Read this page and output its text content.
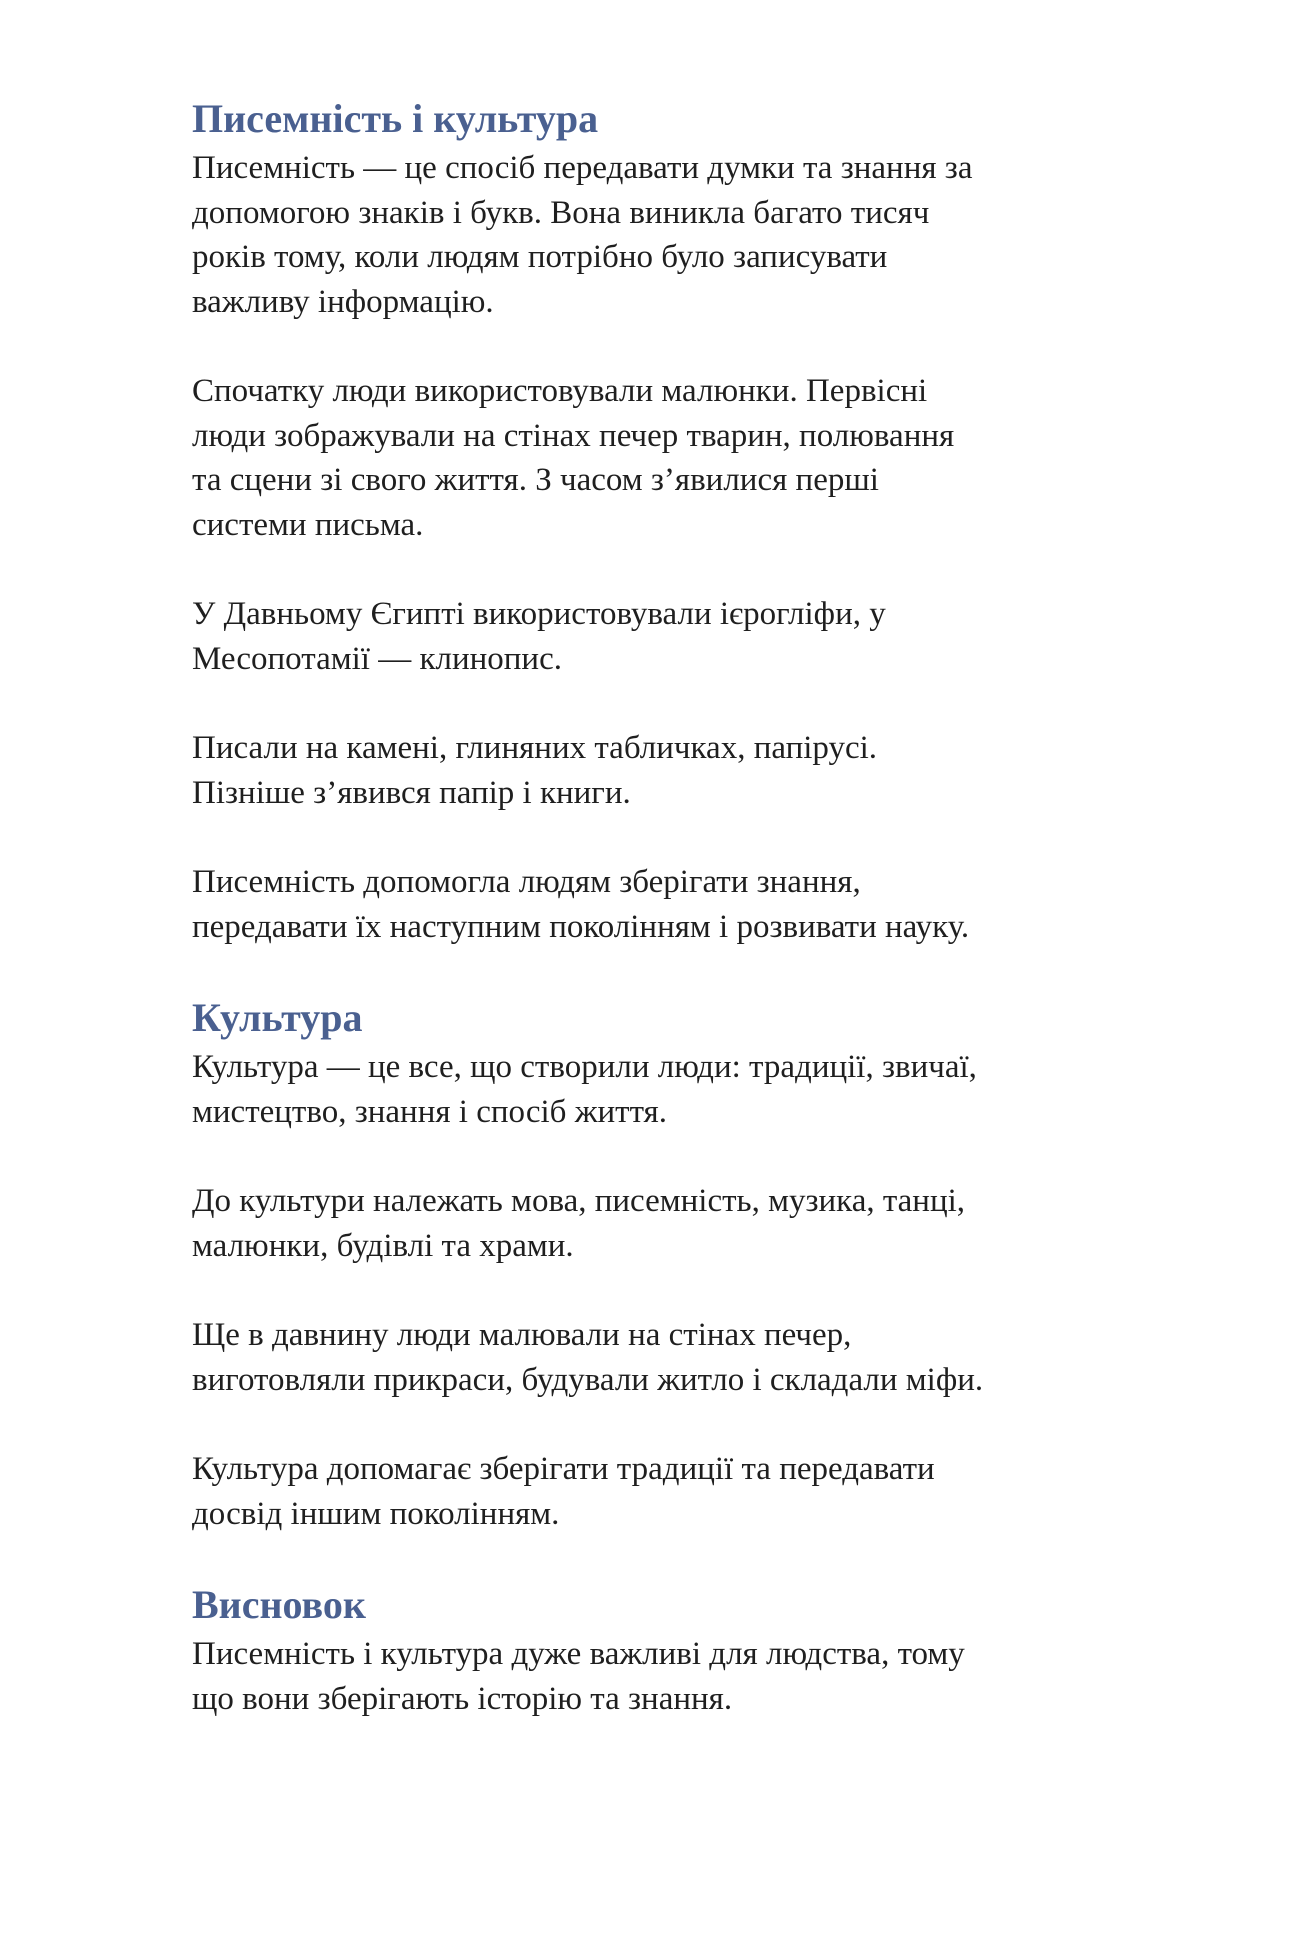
Писемність і культура

Писемність — це спосіб передавати думки та знання за
допомогою знаків і букв. Вона виникла багато тисяч
років тому, коли людям потрібно було записувати
важливу інформацію.

Спочатку люди використовували малюнки. Первісні
люди зображували на стінах печер тварин, полювання
та сцени зі свого життя. З часом з’явилися перші
системи письма.

У Давньому Єгипті використовували ієрогліфи, у
Месопотамії — клинопис.

Писали на камені, глиняних табличках, папірусі.
Пізніше з’явився папір і книги.

Писемність допомогла людям зберігати знання,
передавати їх наступним поколінням і розвивати науку.

Культура

Культура — це все, що створили люди: традиції, звичаї,
мистецтво, знання і спосіб життя.

До культури належать мова, писемність, музика, танці,
малюнки, будівлі та храми.

Ще в давнину люди малювали на стінах печер,
виготовляли прикраси, будували житло і складали міфи.

Культура допомагає зберігати традиції та передавати
досвід іншим поколінням.

Висновок

Писемність і культура дуже важливі для людства, тому
що вони зберігають історію та знання.
